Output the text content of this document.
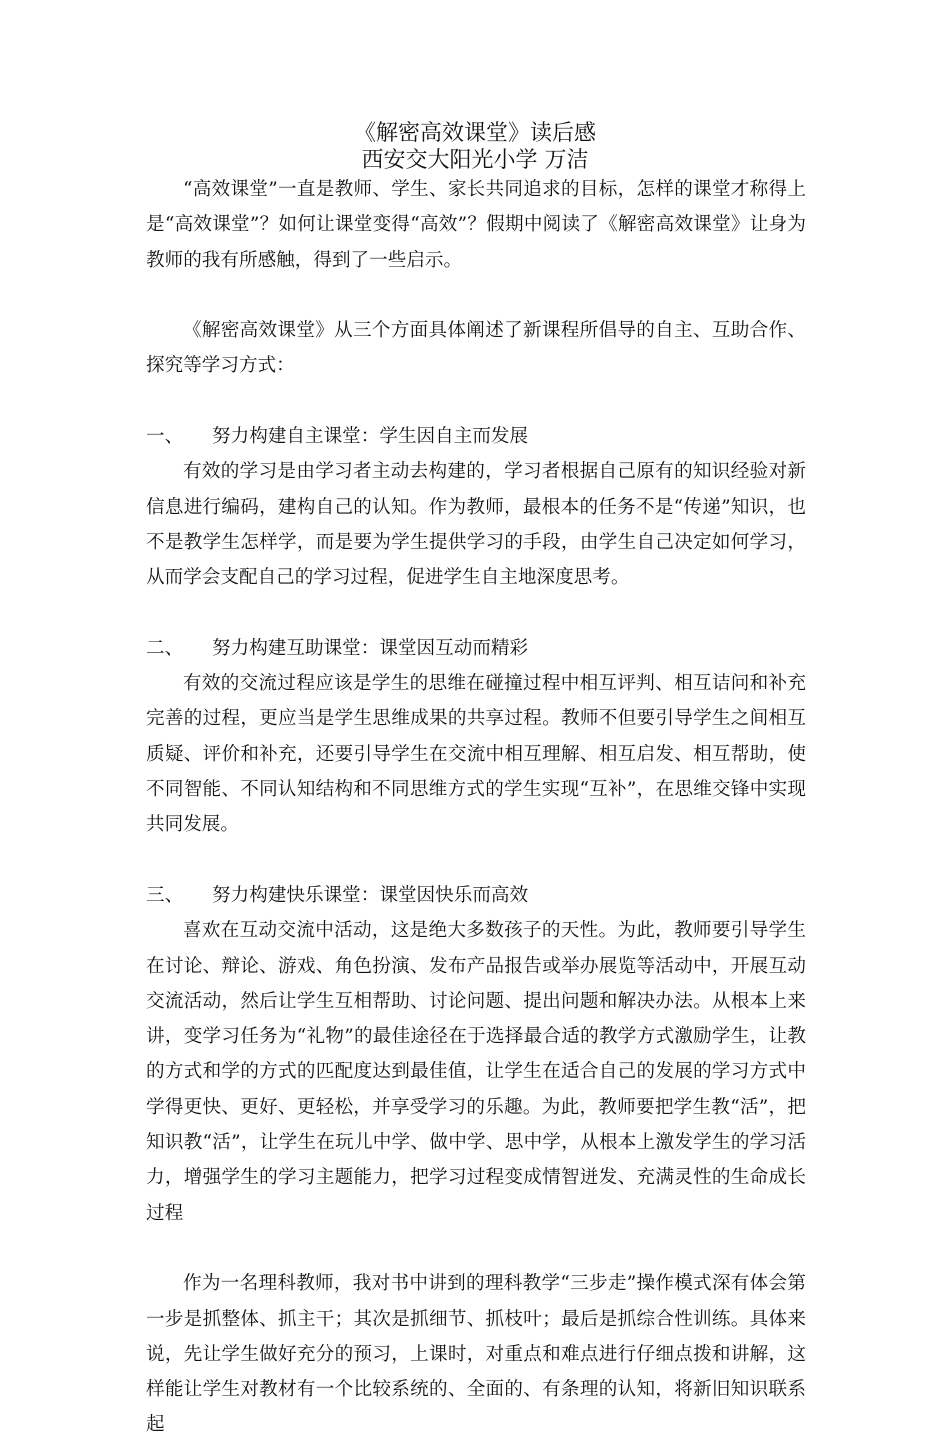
《解密高效课堂》读后感

西安交大阳光小学 万洁

“高效课堂”一直是教师、学生、家长共同追求的目标，怎样的课堂才称得上是“高效课堂”？如何让课堂变得“高效”？假期中阅读了《解密高效课堂》让身为教师的我有所感触，得到了一些启示。

《解密高效课堂》从三个方面具体阐述了新课程所倡导的自主、互助合作、探究等学习方式：

一、 努力构建自主课堂：学生因自主而发展

有效的学习是由学习者主动去构建的，学习者根据自己原有的知识经验对新信息进行编码，建构自己的认知。作为教师，最根本的任务不是“传递”知识，也不是教学生怎样学，而是要为学生提供学习的手段，由学生自己决定如何学习，从而学会支配自己的学习过程，促进学生自主地深度思考。

二、 努力构建互助课堂：课堂因互动而精彩

有效的交流过程应该是学生的思维在碰撞过程中相互评判、相互诘问和补充完善的过程，更应当是学生思维成果的共享过程。教师不但要引导学生之间相互质疑、评价和补充，还要引导学生在交流中相互理解、相互启发、相互帮助，使不同智能、不同认知结构和不同思维方式的学生实现“互补”，在思维交锋中实现共同发展。

三、 努力构建快乐课堂：课堂因快乐而高效

喜欢在互动交流中活动，这是绝大多数孩子的天性。为此，教师要引导学生在讨论、辩论、游戏、角色扮演、发布产品报告或举办展览等活动中，开展互动交流活动，然后让学生互相帮助、讨论问题、提出问题和解决办法。从根本上来讲，变学习任务为“礼物”的最佳途径在于选择最合适的教学方式激励学生，让教的方式和学的方式的匹配度达到最佳值，让学生在适合自己的发展的学习方式中学得更快、更好、更轻松，并享受学习的乐趣。为此，教师要把学生教“活”，把知识教“活”，让学生在玩儿中学、做中学、思中学，从根本上激发学生的学习活力，增强学生的学习主题能力，把学习过程变成情智迸发、充满灵性的生命成长过程

作为一名理科教师，我对书中讲到的理科教学“三步走”操作模式深有体会第一步是抓整体、抓主干；其次是抓细节、抓枝叶；最后是抓综合性训练。具体来说，先让学生做好充分的预习，上课时，对重点和难点进行仔细点拨和讲解，这样能让学生对教材有一个比较系统的、全面的、有条理的认知，将新旧知识联系起
